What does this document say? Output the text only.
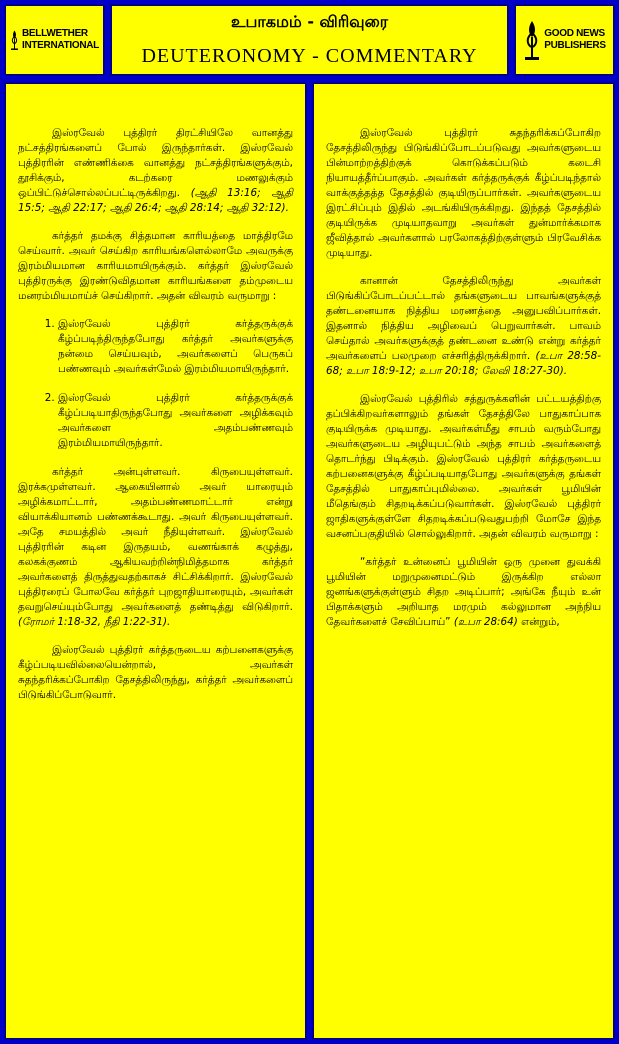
BELLWETHER
INTERNATIONAL
உபாகமம் - விரிவுரை
DEUTERONOMY - COMMENTARY
GOOD NEWS
PUBLISHERS

இஸ்ரவேல் புத்திரர் திரட்சியிலே வானத்து நட்சத்திரங்களைப் போல் இருந்தார்கள். இஸ்ரவேல் புத்திரரின் எண்ணிக்கை வானத்து நட்சத்திரங்களுக்கும், தூசிக்கும், கடற்கரை மணலுக்கும் ஒப்பிட்டுச்சொல்லப்பட்டிருக்கிறது. (ஆதி 13:16; ஆதி 15:5; ஆதி 22:17; ஆதி 26:4; ஆதி 28:14; ஆதி 32:12).

கர்த்தர் தமக்கு சித்தமான காரியத்தை மாத்திரமே செய்வார். அவர் செய்கிற காரியங்களெல்லாமே அவருக்கு இரம்மியமான காரியமாயிருக்கும். கர்த்தர் இஸ்ரவேல் புத்திரருக்கு இரண்டுவிதமான காரியங்களை தம்முடைய மனரம்மியமாய்ச் செய்கிறார். அதன் விவரம் வருமாறு :

1. இஸ்ரவேல் புத்திரர் கர்த்தருக்குக் கீழ்ப்படிந்திருந்தபோது கர்த்தர் அவர்களுக்கு நன்மை செய்யவும், அவர்களைப் பெருகப் பண்ணவும் அவர்கள்மேல் இரம்மியமாயிருந்தார்.
2. இஸ்ரவேல் புத்திரர் கர்த்தருக்குக் கீழ்ப்படியாதிருந்தபோது அவர்களை அழிக்கவும் அவர்களை அதம்பண்ணவும் இரம்மியமாயிருந்தார்.

கர்த்தர் அன்புள்ளவர். கிருபையுள்ளவர். இரக்கமுள்ளவர். ஆகையினால் அவர் யாரையும் அழிக்கமாட்டார், அதம்பண்ணமாட்டார் என்று வியாக்கியானம் பண்ணக்கூடாது. அவர் கிருபையுள்ளவர். அதே சமயத்தில் அவர் நீதியுள்ளவர். இஸ்ரவேல் புத்திரரின் கடின இருதயம், வணங்காக் கழுத்து, கலகக்குணம் ஆகியவற்றின்நிமித்தமாக கர்த்தர் அவர்களைத் திருத்துவதற்காகச் சிட்சிக்கிறார். இஸ்ரவேல் புத்திரரைப் போலவே கர்த்தர் புறஜாதியாரையும், அவர்கள் தவறுசெய்யும்போது அவர்களைத் தண்டித்து விடுகிறார். (ரோமர் 1:18-32, நீதி 1:22-31).

இஸ்ரவேல் புத்திரர் கர்த்தருடைய கற்பனைகளுக்கு கீழ்ப்படியவில்லையென்றால், அவர்கள் சுதந்தரிக்கப்போகிற தேசத்திலிருந்து, கர்த்தர் அவர்களைப் பிடுங்கிப்போடுவார்.

இஸ்ரவேல் புத்திரர் சுதந்தரிக்கப்போகிற தேசத்திலிருந்து பிடுங்கிப்போடப்படுவது அவர்களுடைய பின்மாற்றத்திற்குக் கொடுக்கப்படும் கடைசி நியாயத்தீர்ப்பாகும். அவர்கள் கர்த்தருக்குக் கீழ்ப்படிந்தால் வாக்குத்தத்த தேசத்தில் குடியிருப்பார்கள். அவர்களுடைய இரட்சிப்பும் இதில் அடங்கியிருக்கிறது. இந்தத் தேசத்தில் குடியிருக்க முடியாதவாறு அவர்கள் துன்மார்க்கமாக ஜீவித்தால் அவர்களால் பரலோகத்திற்குள்ளும் பிரவேசிக்க முடியாது.

கானான் தேசத்திலிருந்து அவர்கள் பிடுங்கிப்போடப்பட்டால் தங்களுடைய பாவங்களுக்குத் தண்டனையாக நித்திய மரணத்தை அனுபவிப்பார்கள். இதனால் நித்திய அழிவைப் பெறுவார்கள். பாவம் செய்தால் அவர்களுக்குத் தண்டனை உண்டு என்று கர்த்தர் அவர்களைப் பலமுறை எச்சரித்திருக்கிறார். (உபா 28:58-68; உபா 18:9-12; உபா 20:18; லேவி 18:27-30).

இஸ்ரவேல் புத்திரில் சத்துருக்களின் பட்டயத்திற்கு தப்பிக்கிறவர்களாலும் தங்கள் தேசத்திலே பாதுகாப்பாக குடியிருக்க முடியாது. அவர்கள்மீது சாபம் வரும்போது அவர்களுடைய அழியுபட்டும் அந்த சாபம் அவர்களைத் தொடர்ந்து பிடிக்கும். இஸ்ரவேல் புத்திரர் கர்த்தருடைய கற்பனைகளுக்கு கீழ்ப்படியாதபோது அவர்களுக்கு தங்கள் தேசத்தில் பாதுகாப்புமில்லை. அவர்கள் பூமியின் மீதெங்கும் சிதறடிக்கப்படுவார்கள். இஸ்ரவேல் புத்திரர் ஜாதிகளுக்குள்ளே சிதறடிக்கப்படுவதுபற்றி மோசே இந்த வசனப்பகுதியில் சொல்லுகிறார். அதன் விவரம் வருமாறு :

“கர்த்தர் உன்னைப் பூமியின் ஒரு முனை துவக்கி பூமியின் மறுமுனைமட்டும் இருக்கிற எல்லா ஜனங்களுக்குள்ளும் சிதற அடிப்பார்; அங்கே நீயும் உன் பிதாக்களும் அறியாத மரமும் கல்லுமான அந்நிய தேவர்களைச் சேவிப்பாய்” (உபா 28:64) என்றும்,
